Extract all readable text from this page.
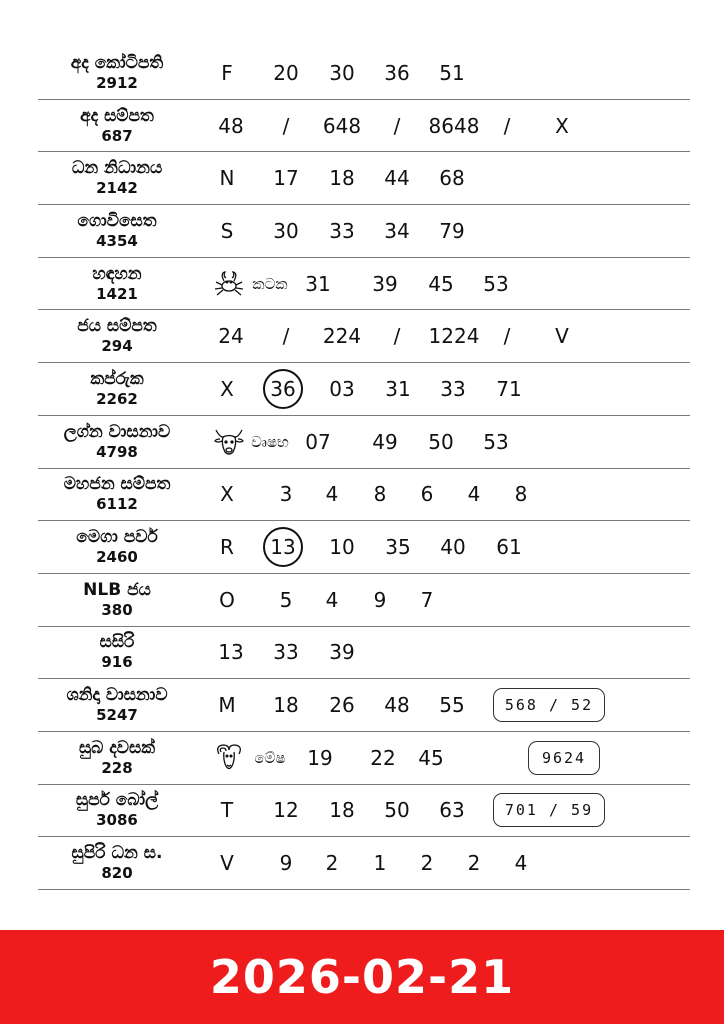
අද කෝටිපති
2912	F 20 30 36 51
අද සම්පත
687	48 / 648 / 8648 / X
ධන නිධානය
2142	N 17 18 44 68
ගොවිසෙත
4354	S 30 33 34 79
හඳහන
1421
කටක 31 39 45 53
ජය සම්පත
294	24 / 224 / 1224 / V
කප්රුක
2262	X	36	03 31 33 71
ලග්න වාසනාව
4798
වෘෂභ 07 49 50 53
මහජන සම්පත
6112	X 3 4 8 6 4 8
මෙගා පවර්
2460	R	13	10 35 40 61
NLB ජය
380	O 5 4 9 7
සසිරි
916	13 33 39
ශනිදා වාසනාව
5247	M 18 26 48 55	568 / 52
සුබ දවසක්
228
මේෂ 19 22 45	9624
සුපර් බෝල්
3086	T 12 18 50 63	701 / 59
සුපිරි ධන ස.
820	V 9 2 1 2 2 4
2026-02-21
